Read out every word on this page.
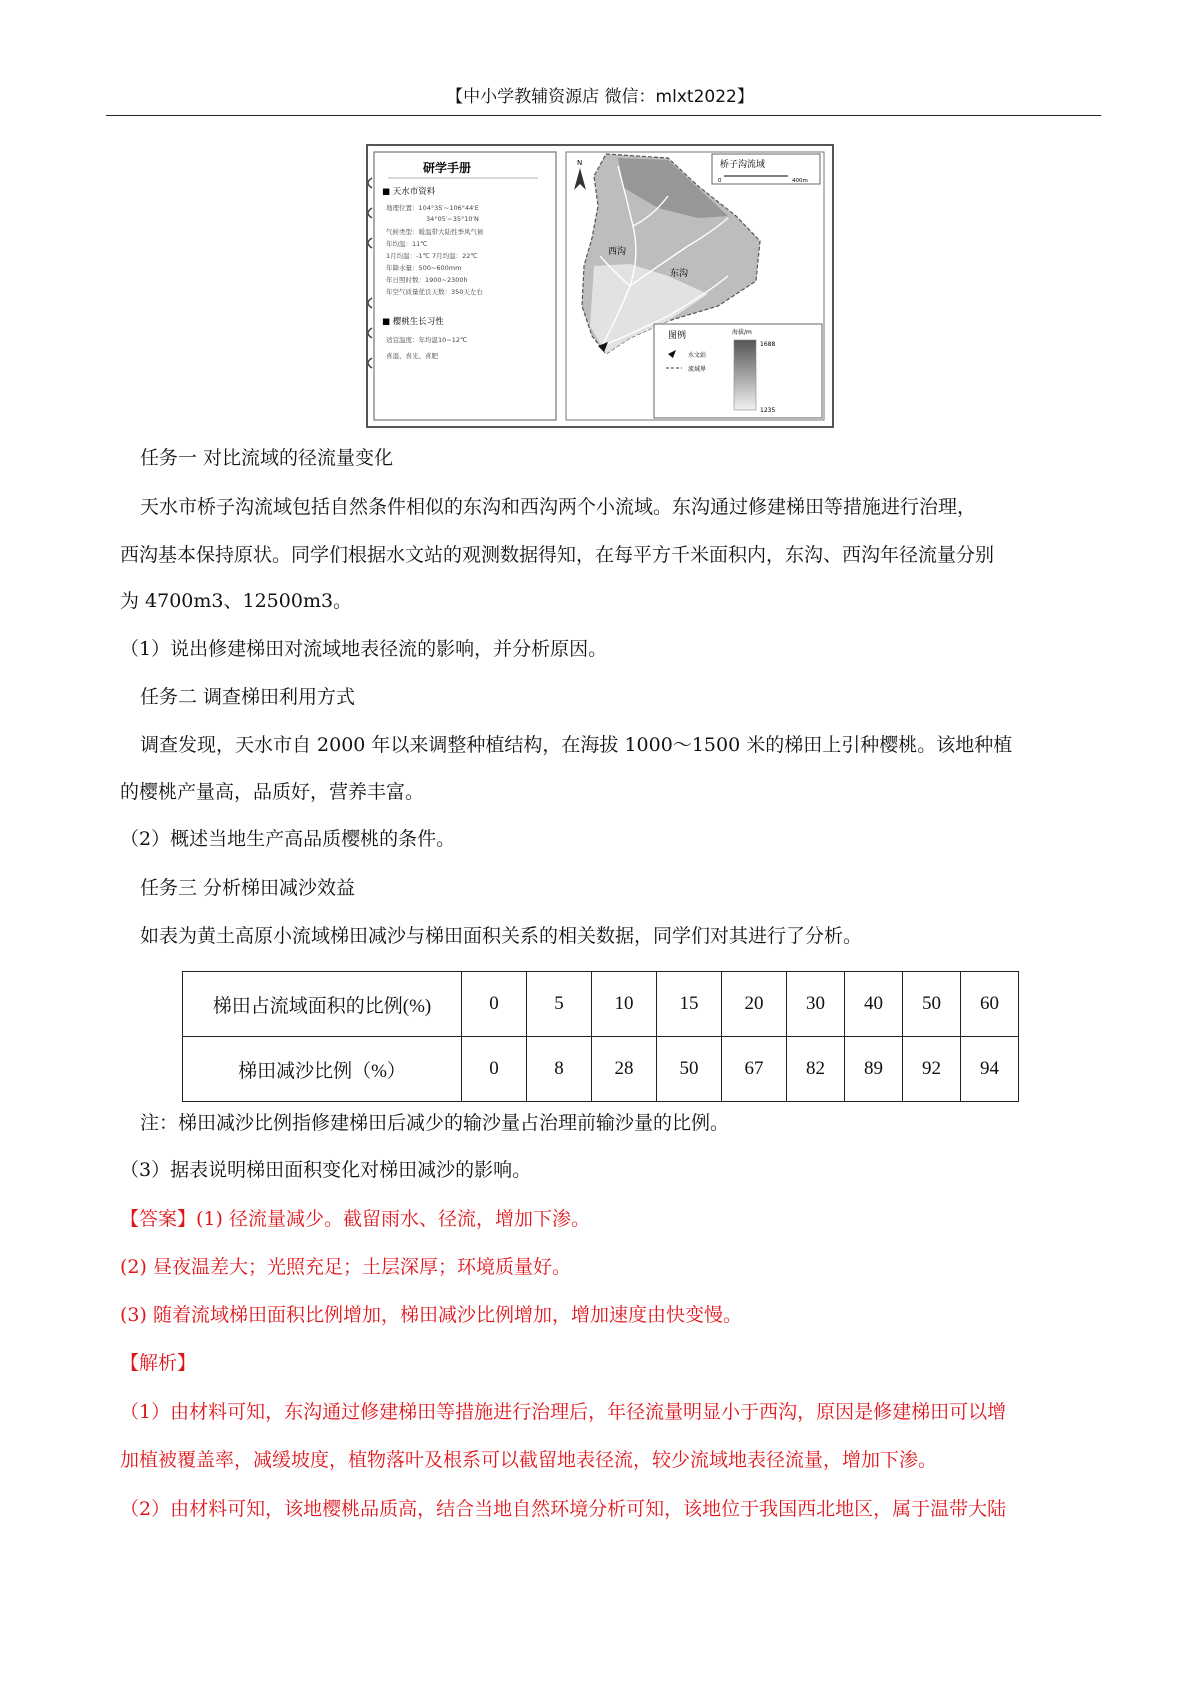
【中小学教辅资源店 微信：mlxt2022】
研学手册
■ 天水市资料
地理位置：104°35′~106°44′E
34°05′~35°10′N
气候类型：暖温带大陆性季风气候
年均温：11℃
1月均温：-1℃ 7月均温：22℃
年降水量：500~600mm
年日照时数：1900~2300h
年空气质量优良天数：350天左右
■ 樱桃生长习性
适宜温度：年均温10~12℃
喜湿、喜光、喜肥
N
西沟
东沟
桥子沟流域
0	400m
图例
水文站
流域界
海拔/m
1688
1235
任务一 对比流域的径流量变化
天水市桥子沟流域包括自然条件相似的东沟和西沟两个小流域。东沟通过修建梯田等措施进行治理，
西沟基本保持原状。同学们根据水文站的观测数据得知，在每平方千米面积内，东沟、西沟年径流量分别
为 4700m3、12500m3。
（1）说出修建梯田对流域地表径流的影响，并分析原因。
任务二 调查梯田利用方式
调查发现，天水市自 2000 年以来调整种植结构，在海拔 1000～1500 米的梯田上引种樱桃。该地种植
的樱桃产量高，品质好，营养丰富。
（2）概述当地生产高品质樱桃的条件。
任务三 分析梯田减沙效益
如表为黄土高原小流域梯田减沙与梯田面积关系的相关数据，同学们对其进行了分析。
梯田占流域面积的比例(%)	0	5	10	15	20	30	40	50	60
梯田减沙比例（%）	0	8	28	50	67	82	89	92	94
注：梯田减沙比例指修建梯田后减少的输沙量占治理前输沙量的比例。
（3）据表说明梯田面积变化对梯田减沙的影响。
【答案】(1) 径流量减少。截留雨水、径流，增加下渗。
(2) 昼夜温差大；光照充足；土层深厚；环境质量好。
(3) 随着流域梯田面积比例增加，梯田减沙比例增加，增加速度由快变慢。
【解析】
（1）由材料可知，东沟通过修建梯田等措施进行治理后，年径流量明显小于西沟，原因是修建梯田可以增
加植被覆盖率，减缓坡度，植物落叶及根系可以截留地表径流，较少流域地表径流量，增加下渗。
（2）由材料可知，该地樱桃品质高，结合当地自然环境分析可知，该地位于我国西北地区，属于温带大陆
